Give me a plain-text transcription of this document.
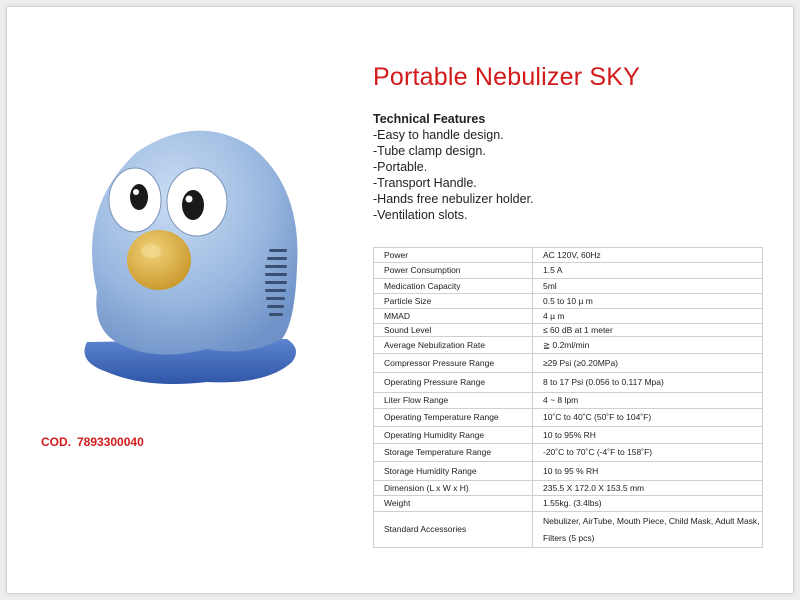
Portable Nebulizer SKY
Technical Features
-Easy to handle design.
-Tube clamp design.
-Portable.
-Transport Handle.
-Hands free nebulizer holder.
-Ventilation slots.
COD. 7893300040
Power	AC 120V, 60Hz
Power Consumption	1.5 A
Medication Capacity	5ml
Particle Size	0.5 to 10 µ m
MMAD	4 µ m
Sound Level	≤ 60 dB at 1 meter
Average Nebulization Rate	≧ 0.2ml/min
Compressor Pressure Range	≥29 Psi (≥0.20MPa)
Operating Pressure Range	8 to 17 Psi (0.056 to 0.117 Mpa)
Liter Flow Range	4 ~ 8 lpm
Operating Temperature Range	10˚C to 40˚C (50˚F to 104˚F)
Operating Humidity Range	10 to 95% RH
Storage Temperature Range	-20˚C to 70˚C (-4˚F to 158˚F)
Storage Humidity Range	10 to 95 % RH
Dimension (L x W x H)	235.5 X 172.0 X 153.5 mm
Weight	1.55kg. (3.4lbs)
Standard Accessories	Nebulizer, AirTube, Mouth Piece, Child Mask, Adult Mask, Filters (5 pcs)
